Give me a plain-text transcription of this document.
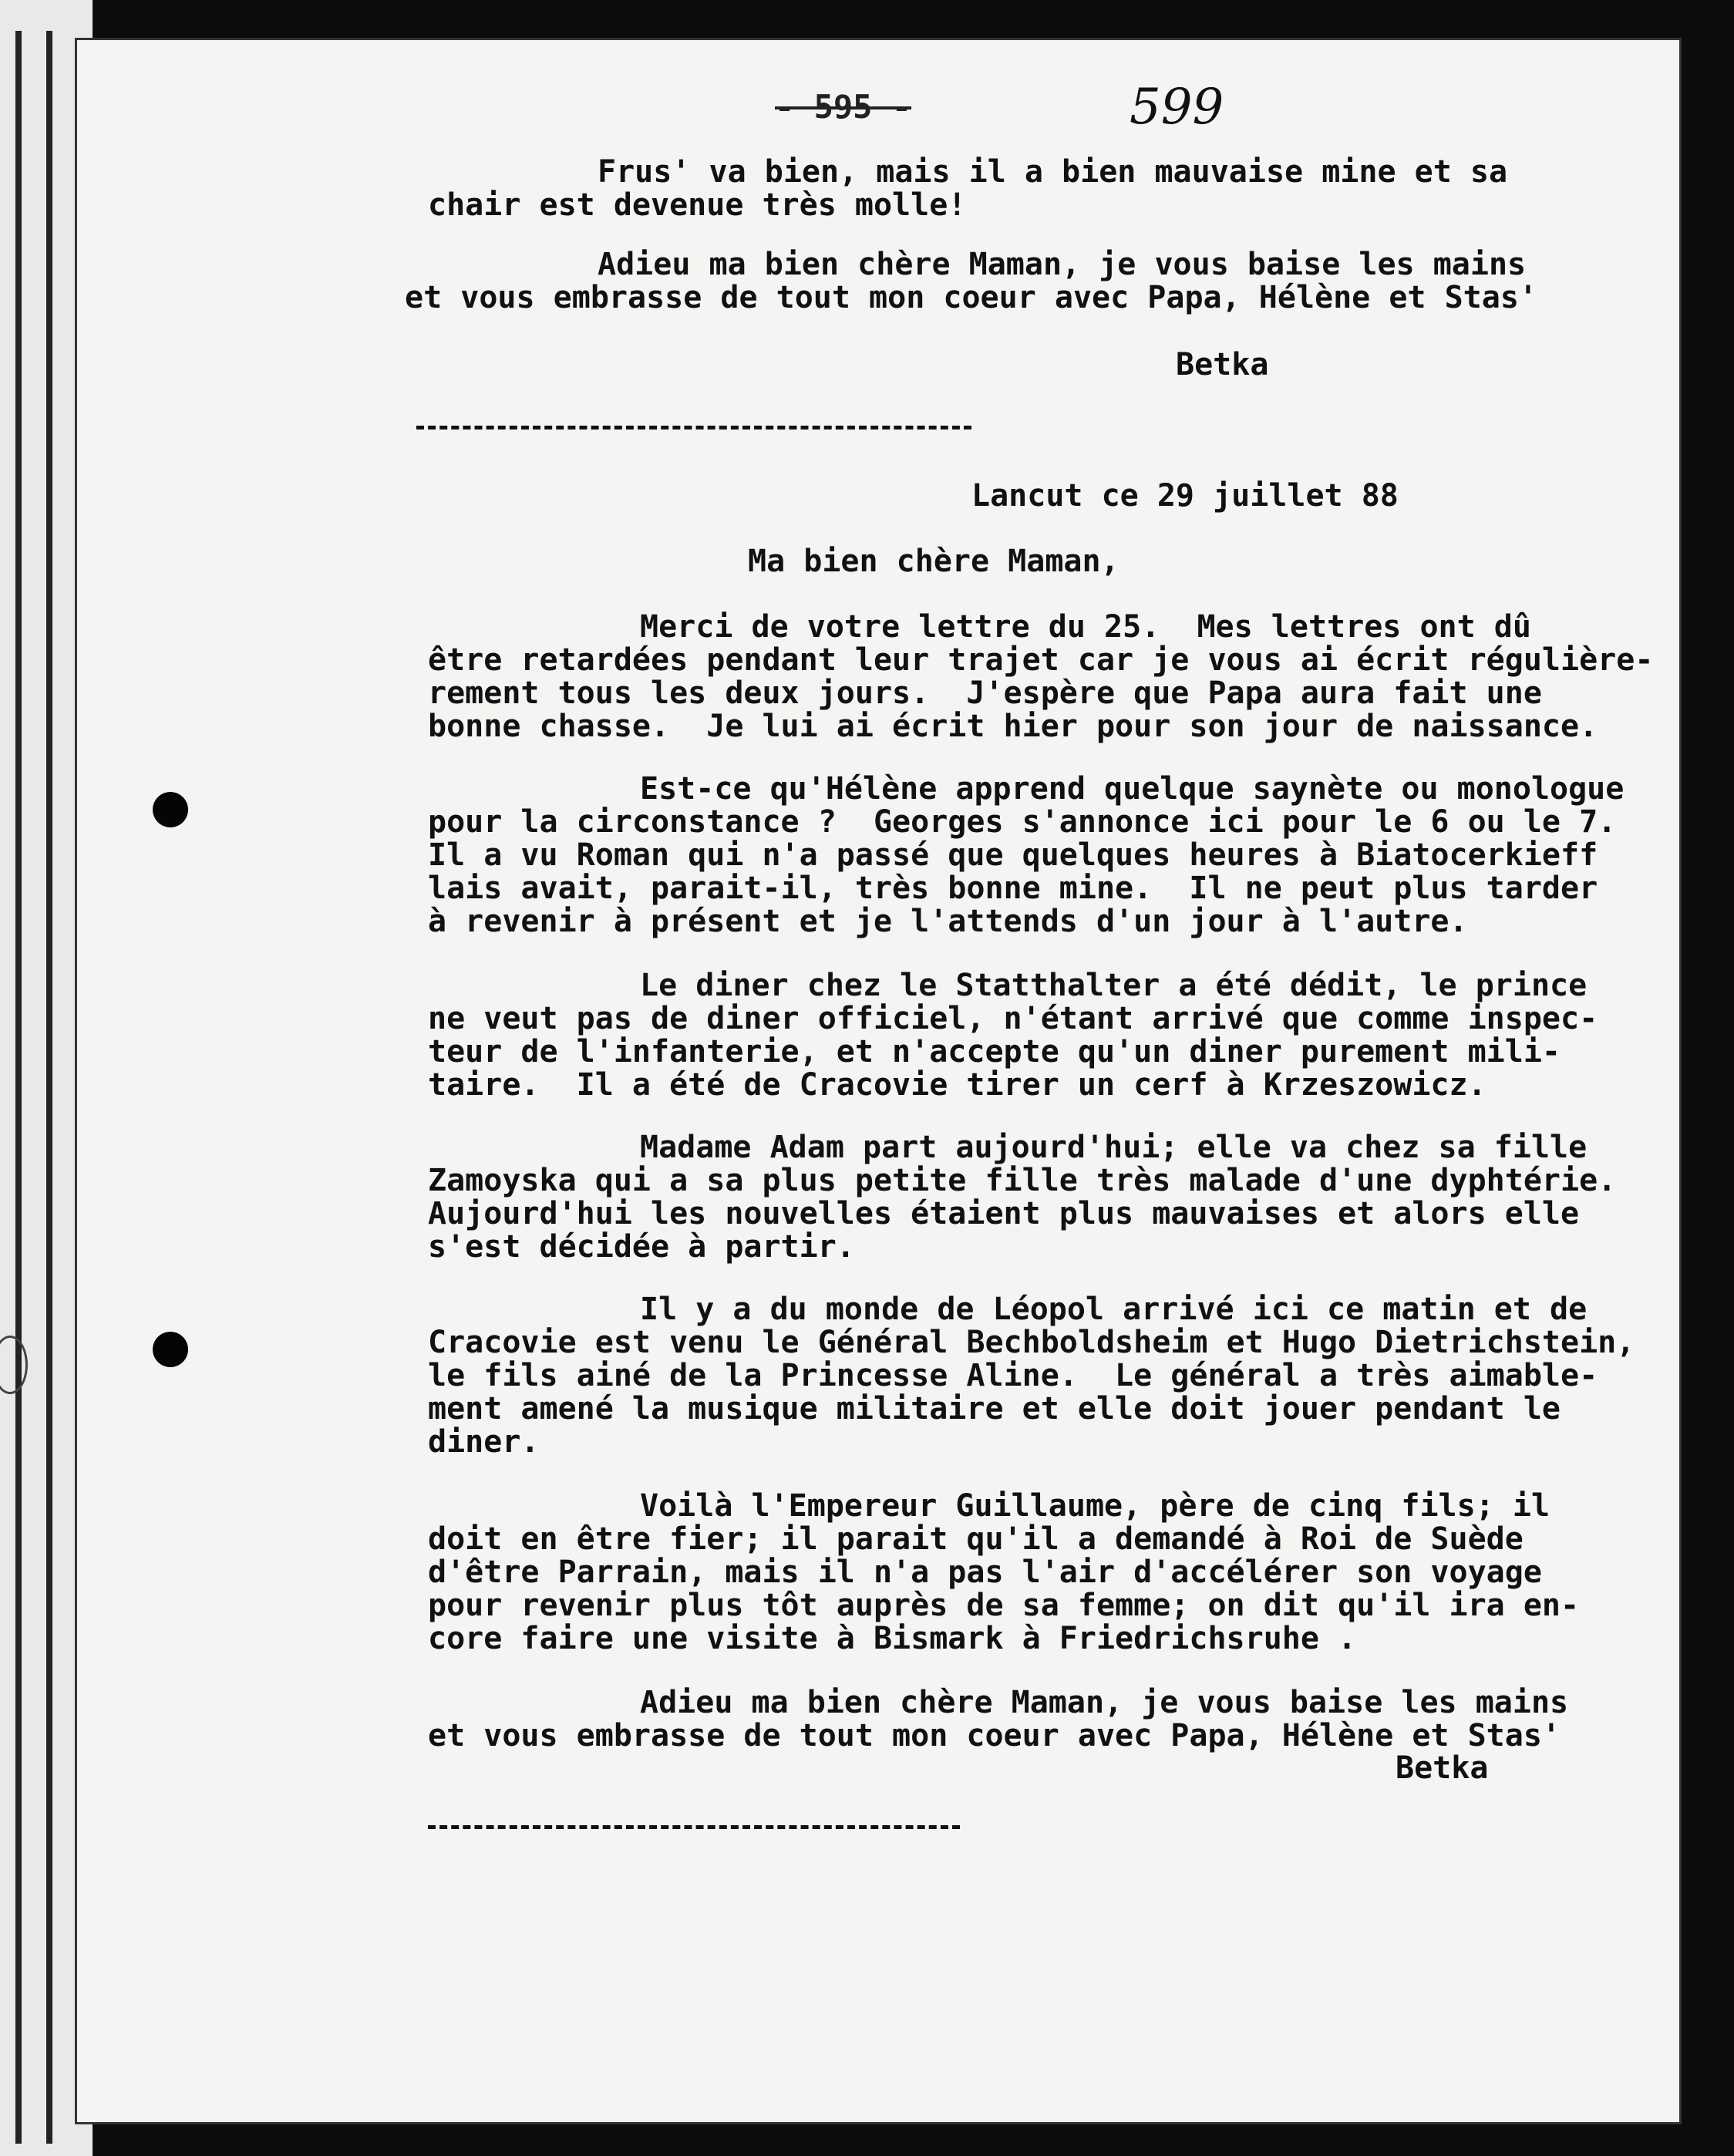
- 595 -	599

Frus' va bien, mais il a bien mauvaise mine et sa

chair est devenue très molle!

Adieu ma bien chère Maman, je vous baise les mains

et vous embrasse de tout mon coeur avec Papa, Hélène et Stas'

Betka

Lancut ce 29 juillet 88

Ma bien chère Maman,

Merci de votre lettre du 25.  Mes lettres ont dû

être retardées pendant leur trajet car je vous ai écrit régulière-

rement tous les deux jours.  J'espère que Papa aura fait une

bonne chasse.  Je lui ai écrit hier pour son jour de naissance.

Est-ce qu'Hélène apprend quelque saynète ou monologue

pour la circonstance ?  Georges s'annonce ici pour le 6 ou le 7.

Il a vu Roman qui n'a passé que quelques heures à Biatocerkieff

lais avait, parait-il, très bonne mine.  Il ne peut plus tarder

à revenir à présent et je l'attends d'un jour à l'autre.

Le diner chez le Statthalter a été dédit, le prince

ne veut pas de diner officiel, n'étant arrivé que comme inspec-

teur de l'infanterie, et n'accepte qu'un diner purement mili-

taire.  Il a été de Cracovie tirer un cerf à Krzeszowicz.

Madame Adam part aujourd'hui; elle va chez sa fille

Zamoyska qui a sa plus petite fille très malade d'une dyphtérie.

Aujourd'hui les nouvelles étaient plus mauvaises et alors elle

s'est décidée à partir.

Il y a du monde de Léopol arrivé ici ce matin et de

Cracovie est venu le Général Bechboldsheim et Hugo Dietrichstein,

le fils ainé de la Princesse Aline.  Le général a très aimable-

ment amené la musique militaire et elle doit jouer pendant le

diner.

Voilà l'Empereur Guillaume, père de cinq fils; il

doit en être fier; il parait qu'il a demandé à Roi de Suède

d'être Parrain, mais il n'a pas l'air d'accélérer son voyage

pour revenir plus tôt auprès de sa femme; on dit qu'il ira en-

core faire une visite à Bismark à Friedrichsruhe .

Adieu ma bien chère Maman, je vous baise les mains

et vous embrasse de tout mon coeur avec Papa, Hélène et Stas'

Betka
